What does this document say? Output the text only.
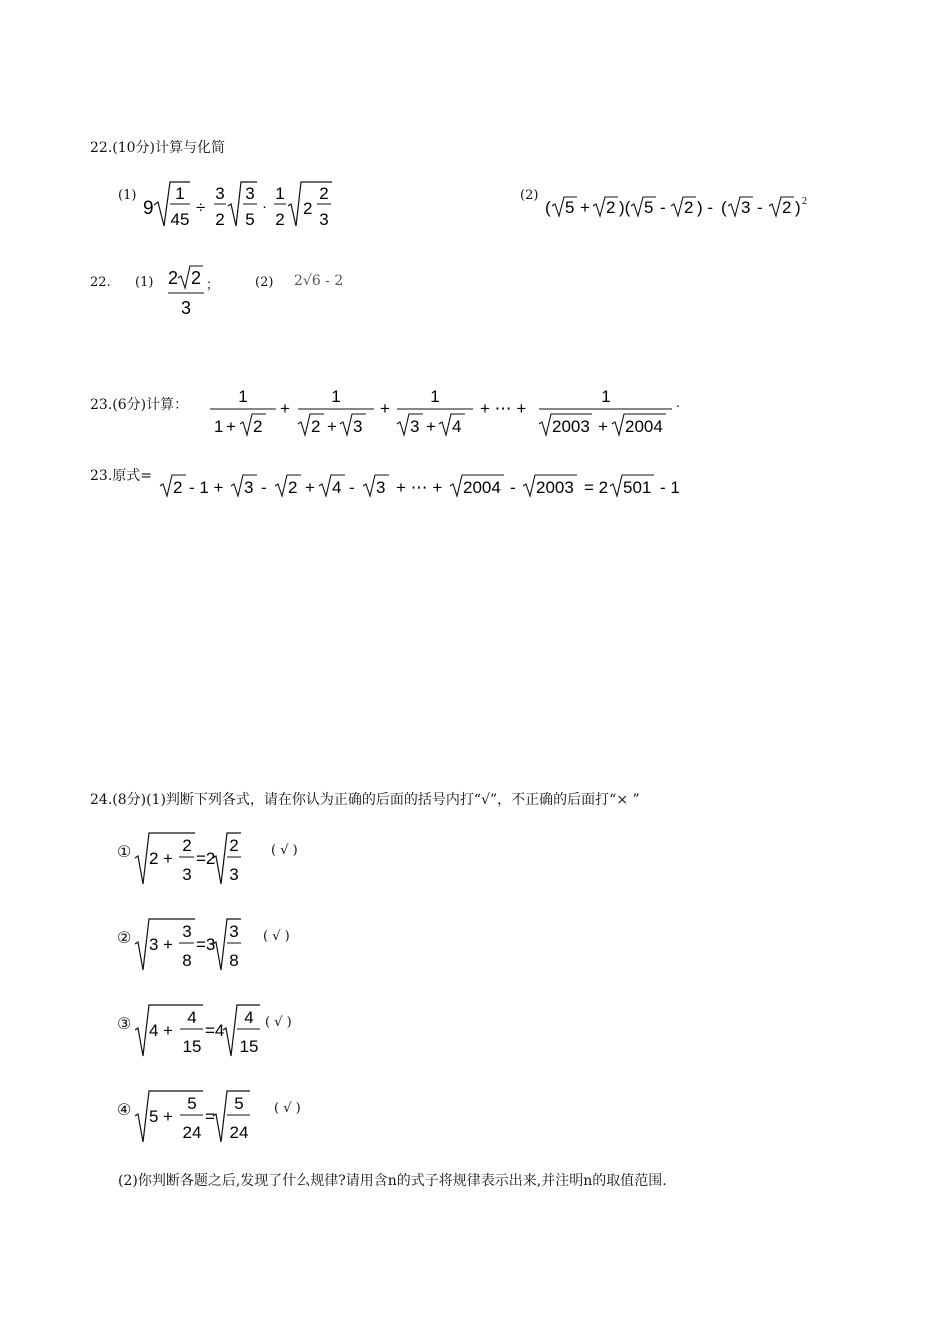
22.(10分)计算与化简
(1)
9
1
45
÷
3
2
3
5
·
1
2
2
2
3
(2)
( 5 + 2 )( 5 - 2 ) - ( 3 - 2 ) 2
22. (1) 2 2
3
；	(2) 2√6 - 2
23.(6分)计算：	1
1 + 2
+
1
2 + 3
+
1
3 + 4
+ ⋯ +
1
2003 + 2004
.
23.原式=
2 - 1 + 3 - 2 + 4 - 3 + ⋯ + 2004 - 2003 = 2 501 - 1
24.(8分)(1)判断下列各式，请在你认为正确的后面的括号内打“√”，不正确的后面打“× ”
① 2 +
2
3
=2
2
3
( √ )
② 3 +
3
8
=3
3
8
( √ )
③ 4 +
4
15
=4
4
15
( √ )
④ 5 +
5
24
=
5
24
( √ )
(2)你判断各题之后,发现了什么规律?请用含n的式子将规律表示出来,并注明n的取值范围.
